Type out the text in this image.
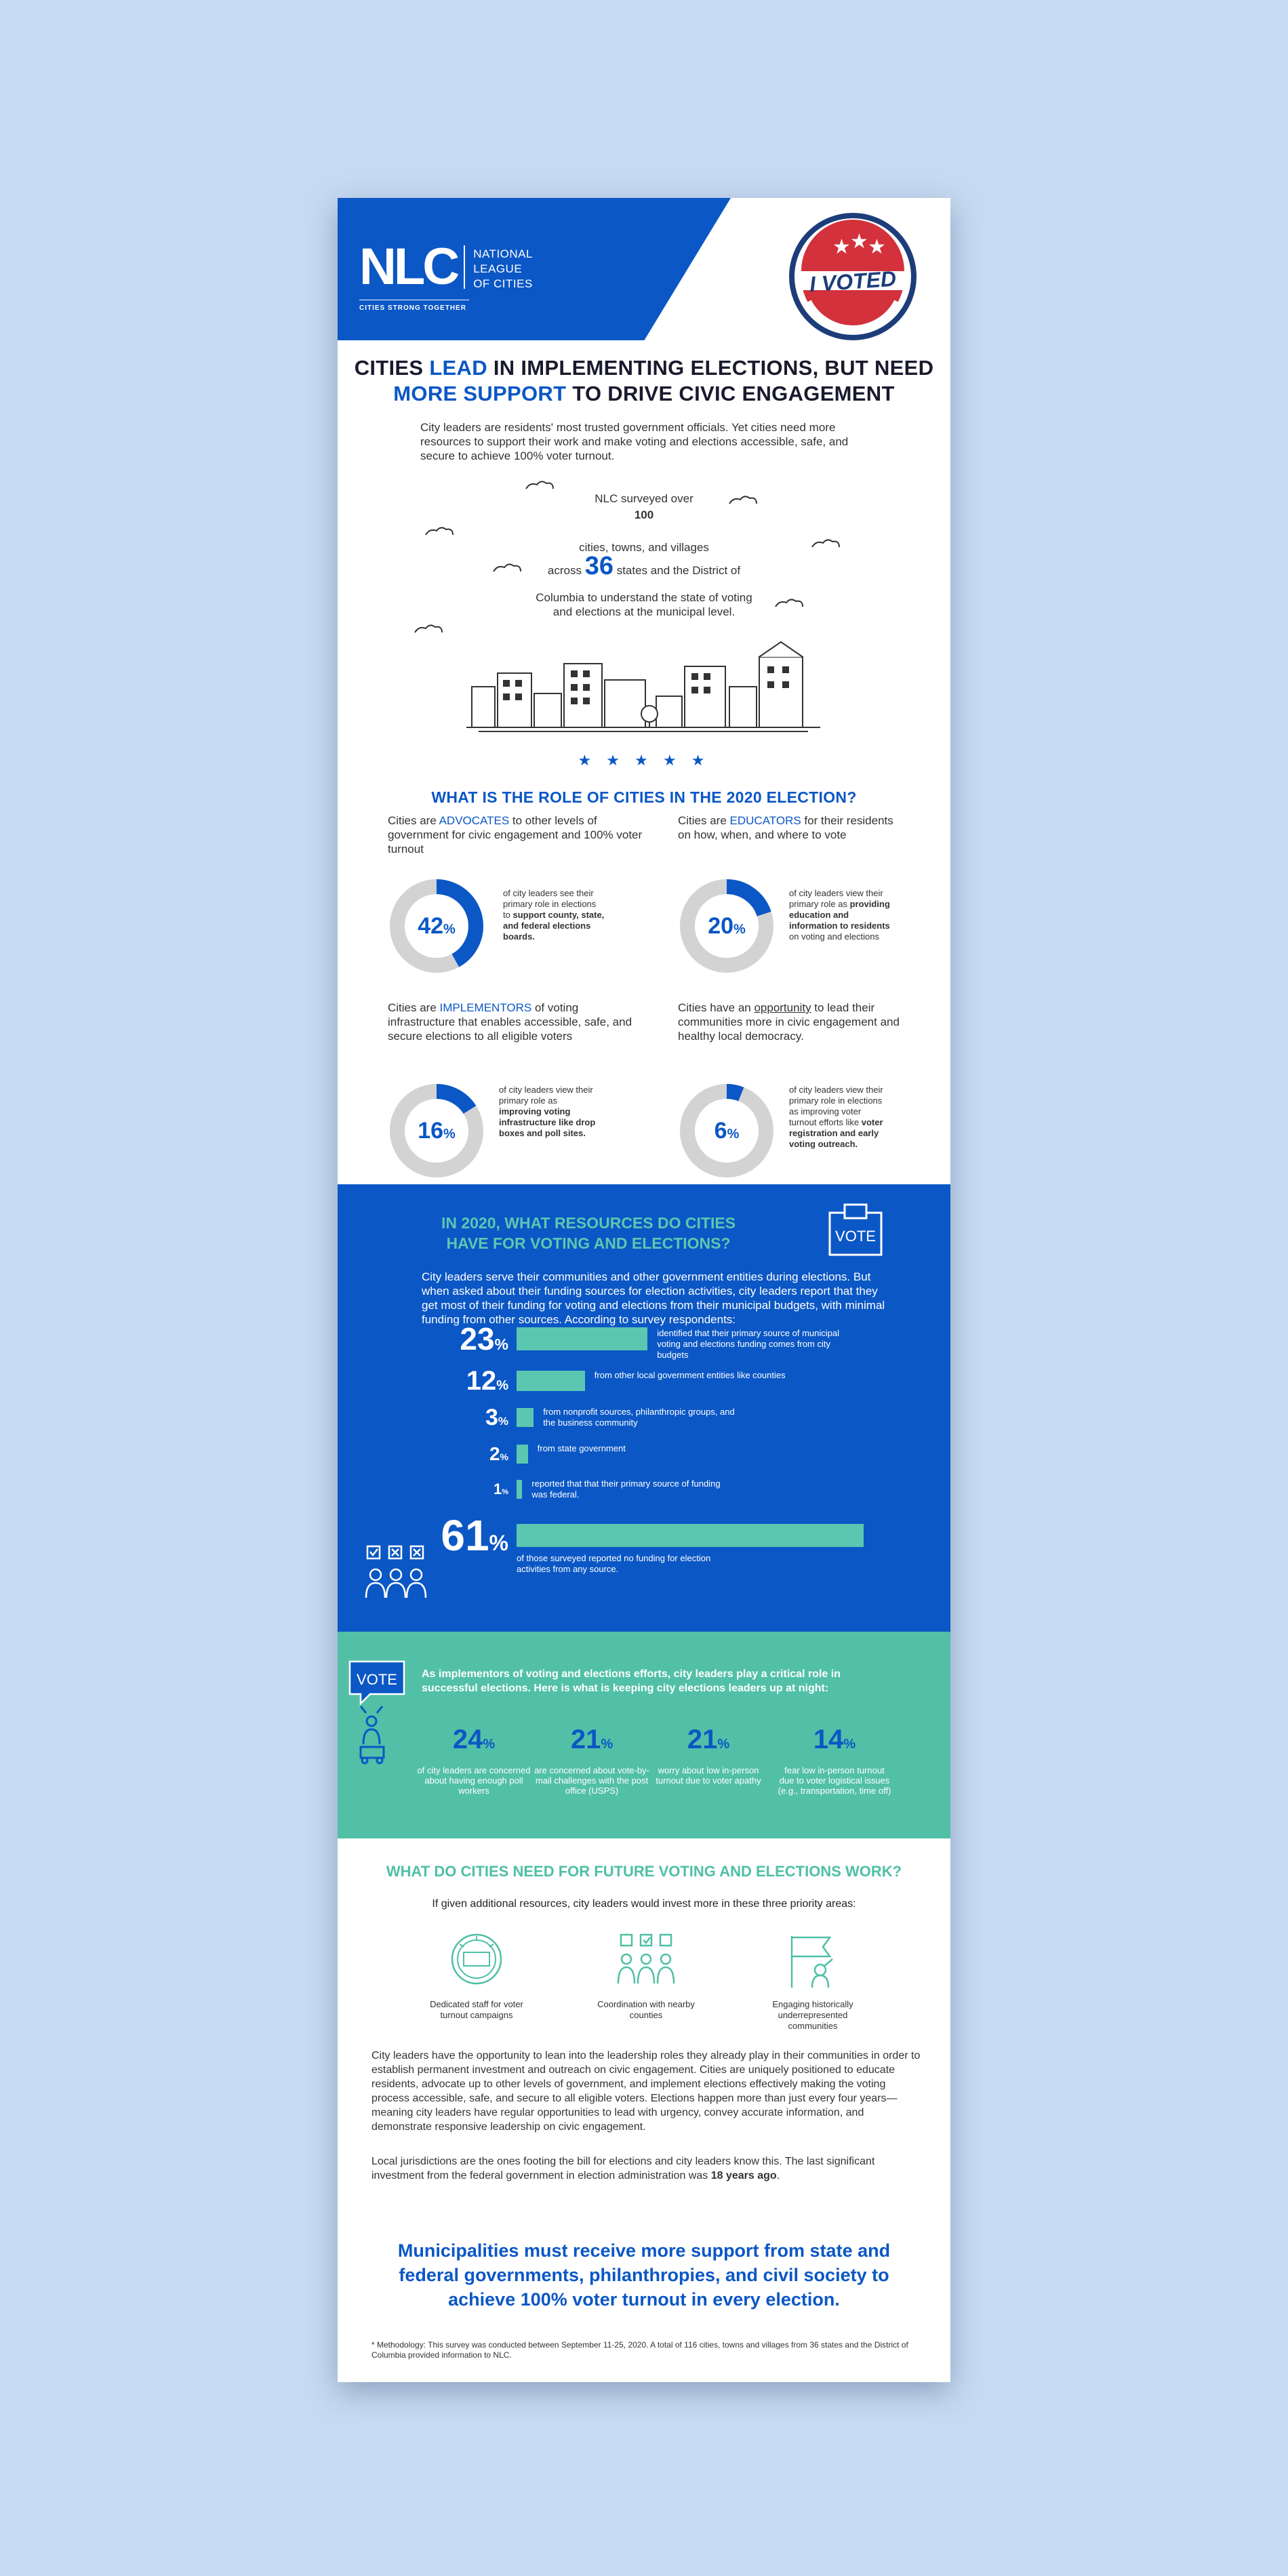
NLC NATIONAL
LEAGUE
OF CITIES
CITIES STRONG TOGETHER
★ ★ ★
I VOTED
CITIES LEAD IN IMPLEMENTING ELECTIONS, BUT NEED
MORE SUPPORT TO DRIVE CIVIC ENGAGEMENT

City leaders are residents' most trusted government officials. Yet cities need more resources to support their work and make voting and elections accessible, safe, and secure to achieve 100% voter turnout.

NLC surveyed over
100
cities, towns, and villages
across 36 states and the District of
Columbia to understand the state of voting
and elections at the municipal level.
★ ★ ★ ★ ★
WHAT IS THE ROLE OF CITIES IN THE 2020 ELECTION?
Cities are ADVOCATES to other levels of government for civic engagement and 100% voter turnout
42%
of city leaders see their primary role in elections to support county, state, and federal elections boards.
Cities are EDUCATORS for their residents on how, when, and where to vote
20%
of city leaders view their primary role as providing education and information to residents on voting and elections
Cities are IMPLEMENTORS of voting infrastructure that enables accessible, safe, and secure elections to all eligible voters
16%
of city leaders view their primary role as improving voting infrastructure like drop boxes and poll sites.
Cities have an opportunity to lead their communities more in civic engagement and healthy local democracy.
6%
of city leaders view their primary role in elections as improving voter turnout efforts like voter registration and early voting outreach.
IN 2020, WHAT RESOURCES DO CITIES
HAVE FOR VOTING AND ELECTIONS?	VOTE

City leaders serve their communities and other government entities during elections. But when asked about their funding sources for election activities, city leaders report that they get most of their funding for voting and elections from their municipal budgets, with minimal funding from other sources. According to survey respondents:

23%
identified that their primary source of municipal voting and elections funding comes from city budgets
12%
from other local government entities like counties
3%
from nonprofit sources, philanthropic groups, and the business community
2%
from state government
1%
reported that that their primary source of funding was federal.
61%
of those surveyed reported no funding for election activities from any source.
VOTE As implementors of voting and elections efforts, city leaders play a critical role in successful elections. Here is what is keeping city elections leaders up at night:

24%
of city leaders are concerned about having enough poll workers
21%
are concerned about vote-by-mail challenges with the post office (USPS)
21%
worry about low in-person turnout due to voter apathy
14%
fear low in-person turnout due to voter logistical issues (e.g., transportation, time off)
WHAT DO CITIES NEED FOR FUTURE VOTING AND ELECTIONS WORK?
If given additional resources, city leaders would invest more in these three priority areas:
Dedicated staff for voter turnout campaigns
Coordination with nearby counties
Engaging historically underrepresented communities

City leaders have the opportunity to lean into the leadership roles they already play in their communities in order to establish permanent investment and outreach on civic engagement. Cities are uniquely positioned to educate residents, advocate up to other levels of government, and implement elections effectively making the voting process accessible, safe, and secure to all eligible voters. Elections happen more than just every four years—meaning city leaders have regular opportunities to lead with urgency, convey accurate information, and demonstrate responsive leadership on civic engagement.

Local jurisdictions are the ones footing the bill for elections and city leaders know this. The last significant investment from the federal government in election administration was 18 years ago.

Municipalities must receive more support from state and federal governments, philanthropies, and civil society to achieve 100% voter turnout in every election.
* Methodology: This survey was conducted between September 11-25, 2020. A total of 116 cities, towns and villages from 36 states and the District of Columbia provided information to NLC.
